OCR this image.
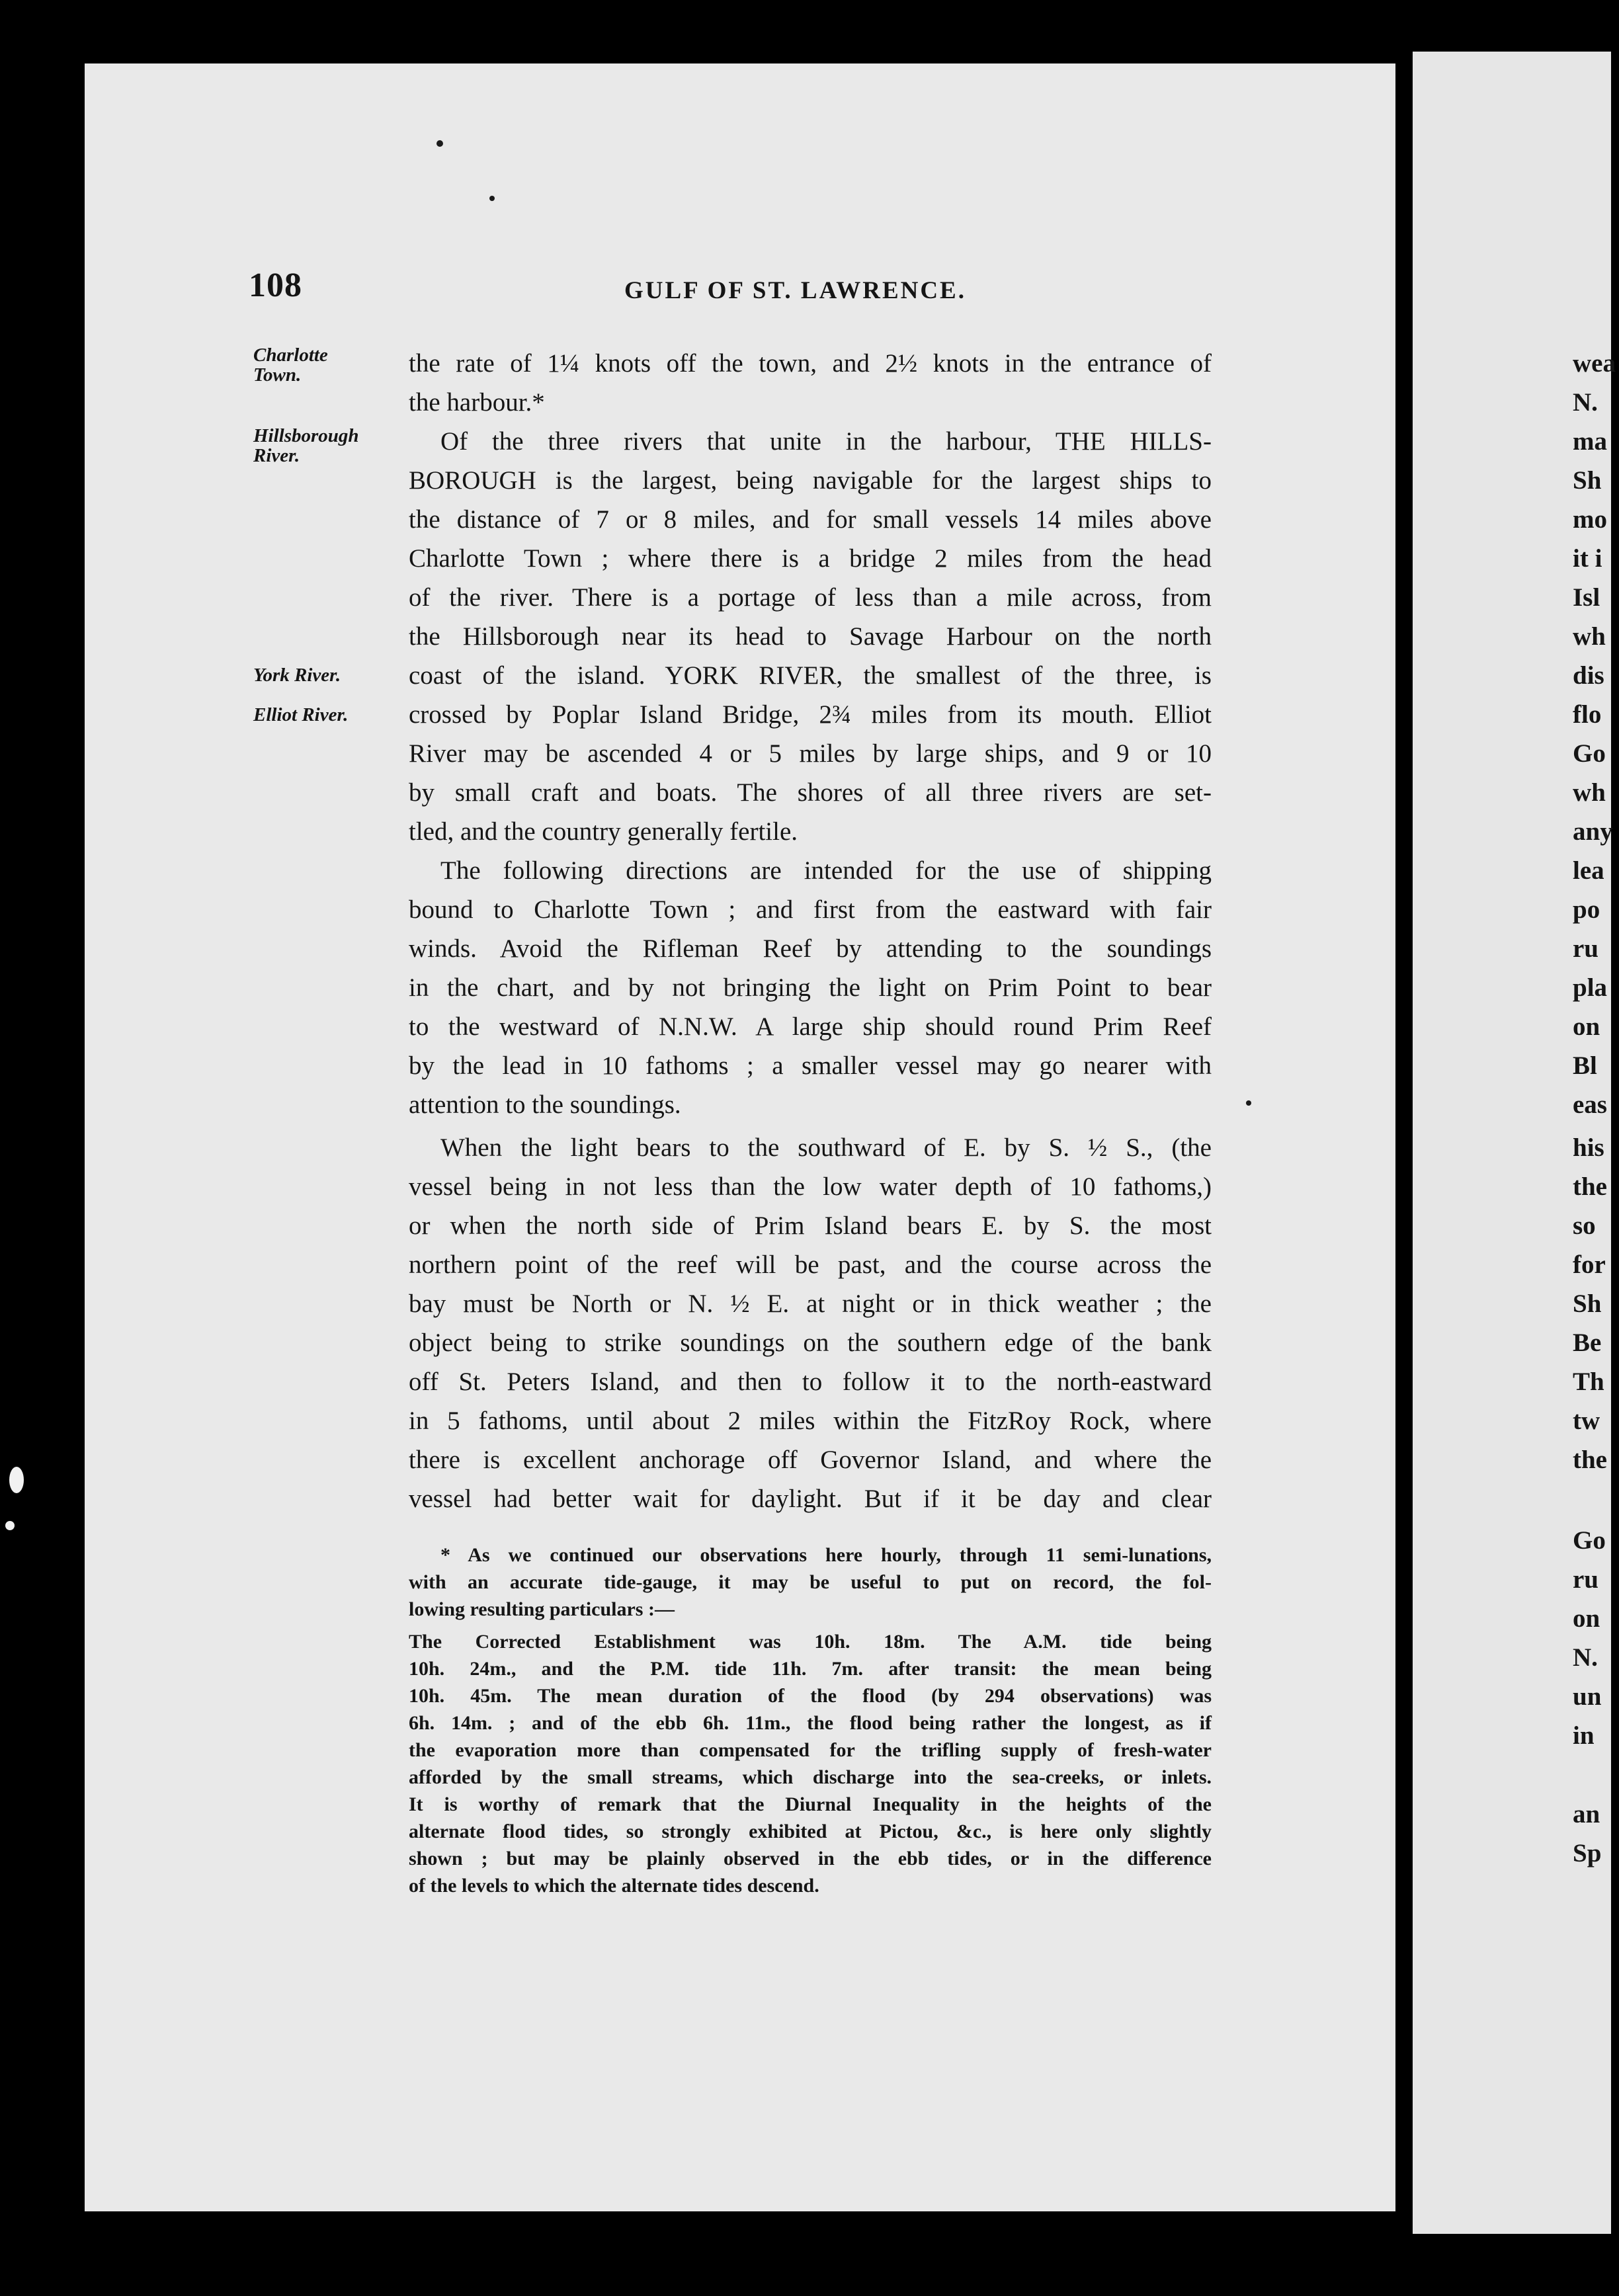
108	GULF OF ST. LAWRENCE.
Charlotte
Town.
Hillsborough
River.
York River.
Elliot River.
the rate of 1¼ knots off the town, and 2½ knots in the entrance of
the harbour.*
Of the three rivers that unite in the harbour, THE HILLS-
BOROUGH is the largest, being navigable for the largest ships to
the distance of 7 or 8 miles, and for small vessels 14 miles above
Charlotte Town ; where there is a bridge 2 miles from the head
of the river. There is a portage of less than a mile across, from
the Hillsborough near its head to Savage Harbour on the north
coast of the island. YORK RIVER, the smallest of the three, is
crossed by Poplar Island Bridge, 2¾ miles from its mouth. Elliot
River may be ascended 4 or 5 miles by large ships, and 9 or 10
by small craft and boats. The shores of all three rivers are set-
tled, and the country generally fertile.
The following directions are intended for the use of shipping
bound to Charlotte Town ; and first from the eastward with fair
winds. Avoid the Rifleman Reef by attending to the soundings
in the chart, and by not bringing the light on Prim Point to bear
to the westward of N.N.W. A large ship should round Prim Reef
by the lead in 10 fathoms ; a smaller vessel may go nearer with
attention to the soundings.
When the light bears to the southward of E. by S. ½ S., (the
vessel being in not less than the low water depth of 10 fathoms,)
or when the north side of Prim Island bears E. by S. the most
northern point of the reef will be past, and the course across the
bay must be North or N. ½ E. at night or in thick weather ; the
object being to strike soundings on the southern edge of the bank
off St. Peters Island, and then to follow it to the north-eastward
in 5 fathoms, until about 2 miles within the FitzRoy Rock, where
there is excellent anchorage off Governor Island, and where the
vessel had better wait for daylight. But if it be day and clear
* As we continued our observations here hourly, through 11 semi-lunations,
with an accurate tide-gauge, it may be useful to put on record, the fol-
lowing resulting particulars :—
The Corrected Establishment was 10h. 18m. The A.M. tide being
10h. 24m., and the P.M. tide 11h. 7m. after transit: the mean being
10h. 45m. The mean duration of the flood (by 294 observations) was
6h. 14m. ; and of the ebb 6h. 11m., the flood being rather the longest, as if
the evaporation more than compensated for the trifling supply of fresh-water
afforded by the small streams, which discharge into the sea-creeks, or inlets.
It is worthy of remark that the Diurnal Inequality in the heights of the
alternate flood tides, so strongly exhibited at Pictou, &c., is here only slightly
shown ; but may be plainly observed in the ebb tides, or in the difference
of the levels to which the alternate tides descend.
wea
N.
ma
Sh
mo
it i
Isl
wh
dis
flo
Go
wh
any
lea
po
ru
pla
on
Bl
eas
his
the
so
for
Sh
Be
Th
tw
the
Go
ru
on
N.
un
in
an
Sp
